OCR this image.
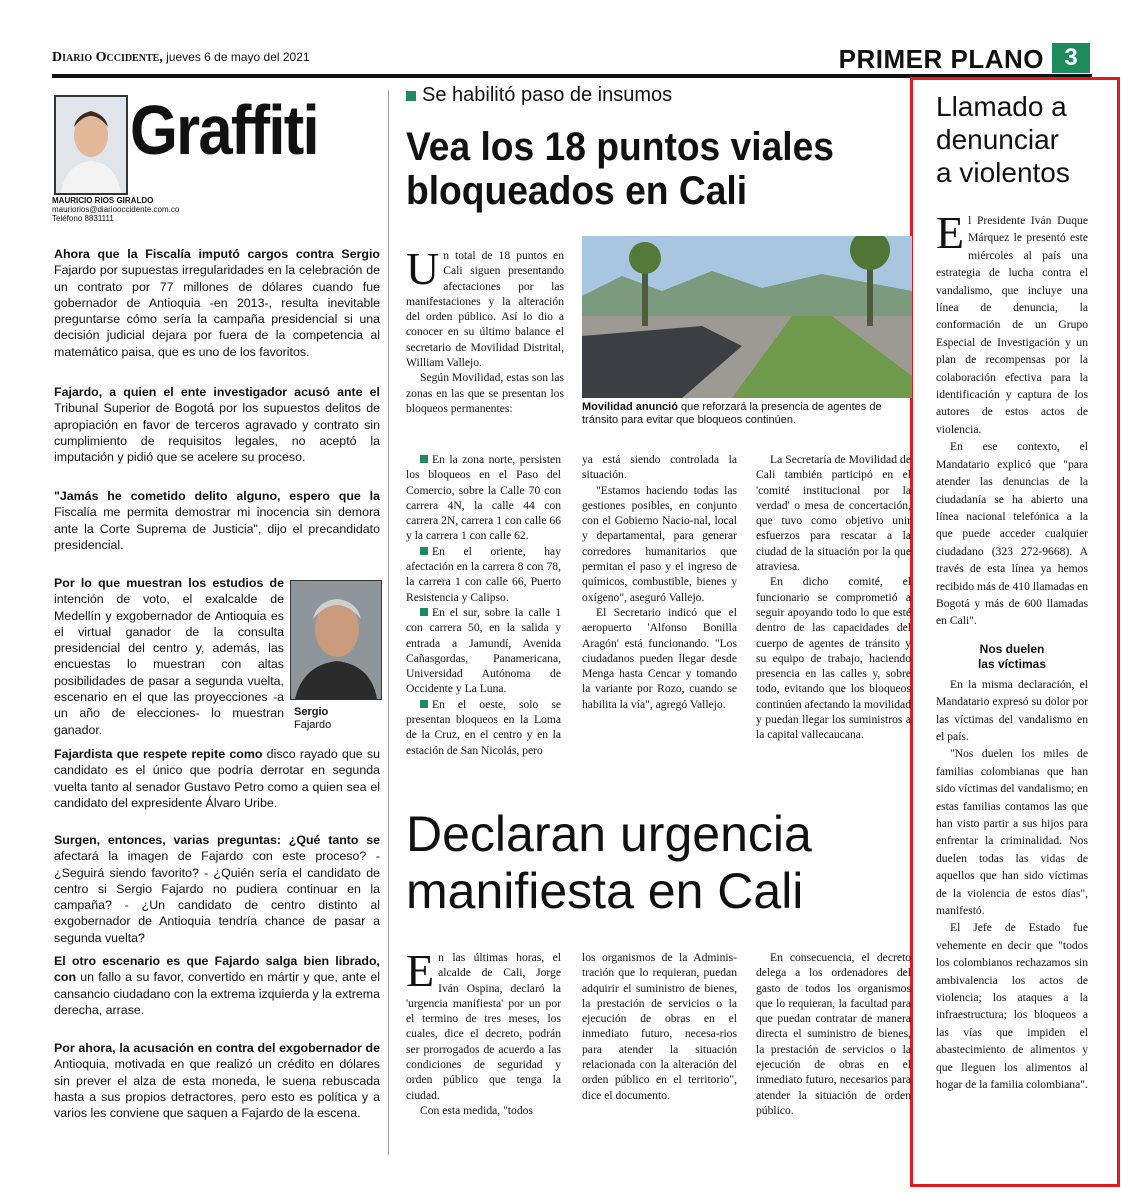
Diario Occidente, jueves 6 de mayo del 2021	PRIMER PLANO 3
Graffiti
MAURICIO RIOS GIRALDO
mauriorios@diariooccidente.com.co
Teléfono 8831111

Ahora que la Fiscalía imputó cargos contra Sergio Fajardo por supuestas irregularidades en la celebración de un contrato por 77 millones de dólares cuando fue gobernador de Antioquia -en 2013-, resulta inevitable preguntarse cómo sería la campaña presidencial si una decisión judicial dejara por fuera de la competencia al matemático paisa, que es uno de los favoritos.

Fajardo, a quien el ente investigador acusó ante el Tribunal Superior de Bogotá por los supuestos delitos de apropiación en favor de terceros agravado y contrato sin cumplimiento de requisitos legales, no aceptó la imputación y pidió que se acelere su proceso.

"Jamás he cometido delito alguno, espero que la Fiscalía me permita demostrar mi inocencia sin demora ante la Corte Suprema de Justicia", dijo el precandidato presidencial.

Por lo que muestran los estudios de intención de voto, el exalcalde de Medellín y exgobernador de Antioquia es el virtual ganador de la consulta presidencial del centro y, además, las encuestas lo muestran con altas posibilidades de pasar a segunda vuelta, escenario en el que las proyecciones -a un año de elecciones- lo muestran ganador.

Sergio
Fajardo

Fajardista que respete repite como disco rayado que su candidato es el único que podría derrotar en segunda vuelta tanto al senador Gustavo Petro como a quien sea el candidato del expresidente Álvaro Uribe.

Surgen, entonces, varias preguntas: ¿Qué tanto se afectará la imagen de Fajardo con este proceso? - ¿Seguirá siendo favorito? - ¿Quién sería el candidato de centro si Sergio Fajardo no pudiera continuar en la campaña? - ¿Un candidato de centro distinto al exgobernador de Antioquia tendría chance de pasar a segunda vuelta?

El otro escenario es que Fajardo salga bien librado, con un fallo a su favor, convertido en mártir y que, ante el cansancio ciudadano con la extrema izquierda y la extrema derecha, arrase.

Por ahora, la acusación en contra del exgobernador de Antioquia, motivada en que realizó un crédito en dólares sin prever el alza de esta moneda, le suena rebuscada hasta a sus propios detractores, pero esto es política y a varios les conviene que saquen a Fajardo de la escena.

Se habilitó paso de insumos
Vea los 18 puntos viales
bloqueados en Cali

Un total de 18 puntos en Cali siguen presentando afectaciones por las manifestaciones y la alteración del orden público. Así lo dio a conocer en su último balance el secretario de Movilidad Distrital, William Vallejo.

Según Movilidad, estas son las zonas en las que se presentan los bloqueos permanentes:	Movilidad anunció que reforzará la presencia de agentes de tránsito para evitar que bloqueos continúen.

En la zona norte, persisten los bloqueos en el Paso del Comercio, sobre la Calle 70 con carrera 4N, la calle 44 con carrera 2N, carrera 1 con calle 66 y la carrera 1 con calle 62.

En el oriente, hay afectación en la carrera 8 con 78, la carrera 1 con calle 66, Puerto Resistencia y Calipso.

En el sur, sobre la calle 1 con carrera 50, en la salida y entrada a Jamundí, Avenida Cañasgordas, Panamericana, Universidad Autónoma de Occidente y La Luna.

En el oeste, solo se presentan bloqueos en la Loma de la Cruz, en el centro y en la estación de San Nicolás, pero

ya está siendo controlada la situación.

"Estamos haciendo todas las gestiones posibles, en conjunto con el Gobierno Nacio-nal, local y departamental, para generar corredores humanitarios que permitan el paso y el ingreso de químicos, combustible, bienes y oxígeno", aseguró Vallejo.

El Secretario indicó que el aeropuerto 'Alfonso Bonilla Aragón' está funcionando. "Los ciudadanos pueden llegar desde Menga hasta Cencar y tomando la variante por Rozo, cuando se habilita la vía", agregó Vallejo.

La Secretaría de Movilidad de Cali también participó en el 'comité institucional por la verdad' o mesa de concertación, que tuvo como objetivo unir esfuerzos para rescatar a la ciudad de la situación por la que atraviesa.

En dicho comité, el funcionario se comprometió a seguir apoyando todo lo que esté dentro de las capacidades del cuerpo de agentes de tránsito y su equipo de trabajo, haciendo presencia en las calles y, sobre todo, evitando que los bloqueos continúen afectando la movilidad y puedan llegar los suministros a la capital vallecaucana.

Declaran urgencia
manifiesta en Cali

En las últimas horas, el alcalde de Cali, Jorge Iván Ospina, declaró la 'urgencia manifiesta' por un por el termino de tres meses, los cuales, dice el decreto, podrán ser prorrogados de acuerdo a las condiciones de seguridad y orden público que tenga la ciudad.

Con esta medida, "todos

los organismos de la Adminis-tración que lo requieran, puedan adquirir el suministro de bienes, la prestación de servicios o la ejecución de obras en el inmediato futuro, necesa-rios para atender la situación relacionada con la alteración del orden público en el territorio", dice el documento.

En consecuencia, el decreto delega a los ordenadores del gasto de todos los organismos que lo requieran, la facultad para que puedan contratar de manera directa el suministro de bienes, la prestación de servicios o la ejecución de obras en el inmediato futuro, necesarios para atender la situación de orden público.

Llamado a
denunciar
a violentos

El Presidente Iván Duque Márquez le presentó este miércoles al país una estrategia de lucha contra el vandalismo, que incluye una línea de denuncia, la conformación de un Grupo Especial de Investigación y un plan de recompensas por la colaboración efectiva para la identificación y captura de los autores de estos actos de violencia.

En ese contexto, el Mandatario explicó que "para atender las denuncias de la ciudadanía se ha abierto una línea nacional telefónica a la que puede acceder cualquier ciudadano (323 272-9668). A través de esta línea ya hemos recibido más de 410 llamadas en Bogotá y más de 600 llamadas en Cali".

Nos duelen
las víctimas

En la misma declaración, el Mandatario expresó su dolor por las víctimas del vandalismo en el país.

"Nos duelen los miles de familias colombianas que han sido víctimas del vandalismo; en estas familias contamos las que han visto partir a sus hijos para enfrentar la criminalidad. Nos duelen todas las vidas de aquellos que han sido víctimas de la violencia de estos días", manifestó.

El Jefe de Estado fue vehemente en decir que "todos los colombianos rechazamos sin ambivalencia los actos de violencia; los ataques a la infraestructura; los bloqueos a las vías que impiden el abastecimiento de alimentos y que lleguen los alimentos al hogar de la familia colombiana".
